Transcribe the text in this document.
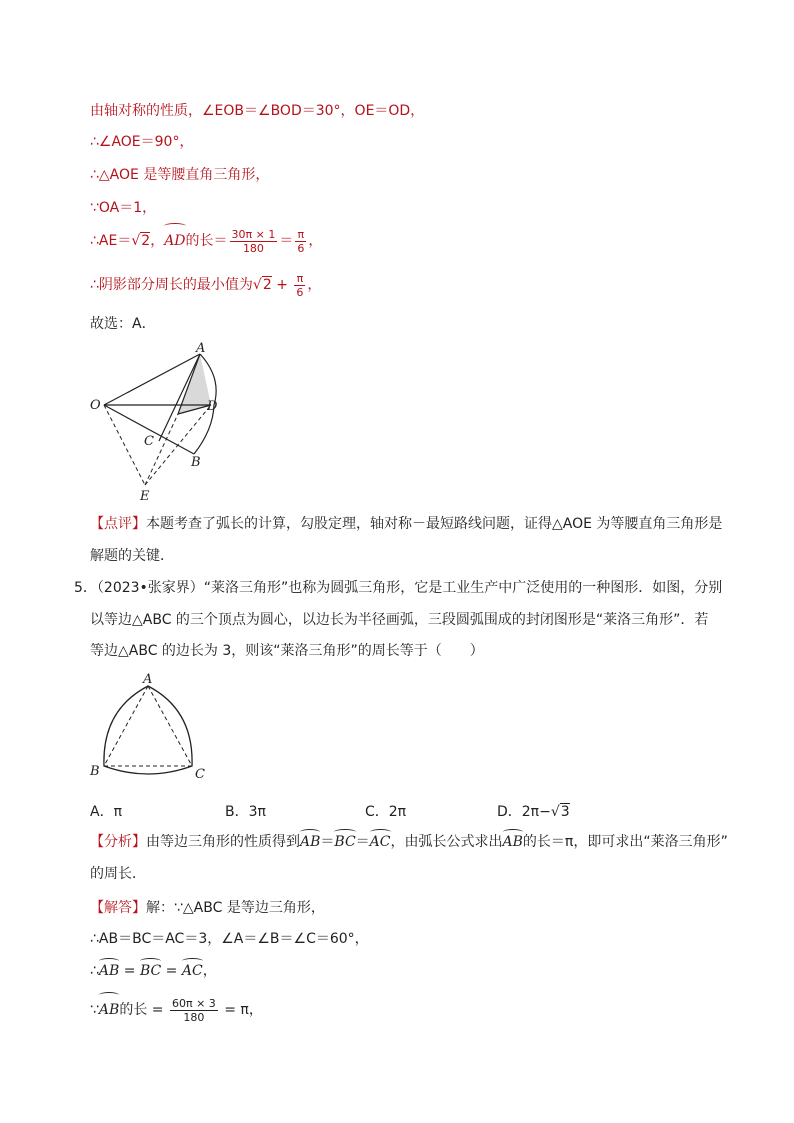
由轴对称的性质，∠EOB＝∠BOD＝30°，OE＝OD，
∴∠AOE＝90°，
∴△AOE 是等腰直角三角形，
∵OA＝1，
∴AE＝√2，AD的长＝ $\frac{30\pi \times 1}{180} = \frac{\pi}{6}$ ，
∴阴影部分周长的最小值为$√2 + \frac{\pi}{6}$ ，
故选：A．
A
O	D
C
B
E
【点评】本题考查了弧长的计算，勾股定理，轴对称－最短路线问题，证得△AOE 为等腰直角三角形是
解题的关键．
5．（2023•张家界）“莱洛三角形”也称为圆弧三角形，它是工业生产中广泛使用的一种图形．如图，分别
以等边△ABC 的三个顶点为圆心，以边长为半径画弧，三段圆弧围成的封闭图形是“莱洛三角形”．若
等边△ABC 的边长为 3，则该“莱洛三角形”的周长等于（　　）
A
B	C
A．π	B．3π	C．2π	D．2π−√3
【分析】由等边三角形的性质得到AB＝BC＝AC，由弧长公式求出AB的长＝π，即可求出“莱洛三角形”
的周长．
【解答】解：∵△ABC 是等边三角形，
∴AB＝BC＝AC＝3，∠A＝∠B＝∠C＝60°，
∴AB = BC = AC，
∵AB的长 = $\frac{60\pi \times 3}{180} = \pi$，
